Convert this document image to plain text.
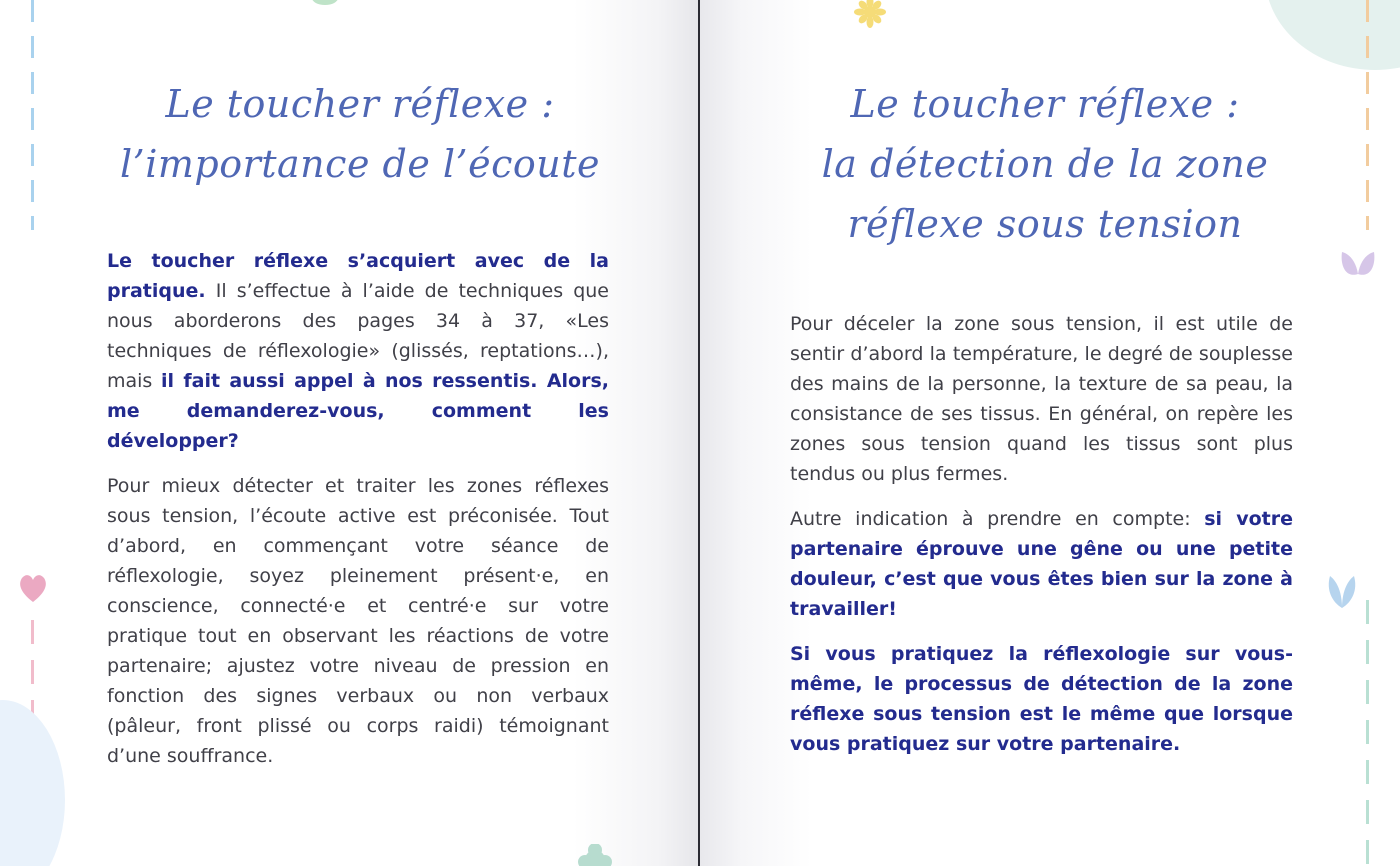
Le toucher réflexe :
l’importance de l’écoute

Le toucher réflexe s’acquiert avec de la pratique. Il s’effectue à l’aide de techniques que nous aborderons des pages 34 à 37, «Les techniques de réflexologie» (glissés, reptations…), mais il fait aussi appel à nos ressentis. Alors, me demanderez-vous, comment les développer?

Pour mieux détecter et traiter les zones réflexes sous tension, l’écoute active est préconisée. Tout d’abord, en commençant votre séance de réflexologie, soyez pleinement présent·e, en conscience, connecté·e et centré·e sur votre pratique tout en observant les réactions de votre partenaire; ajustez votre niveau de pression en fonction des signes verbaux ou non verbaux (pâleur, front plissé ou corps raidi) témoignant d’une souffrance.

Le toucher réflexe :
la détection de la zone
réflexe sous tension

Pour déceler la zone sous tension, il est utile de sentir d’abord la température, le degré de souplesse des mains de la personne, la texture de sa peau, la consistance de ses tissus. En général, on repère les zones sous tension quand les tissus sont plus tendus ou plus fermes.

Autre indication à prendre en compte: si votre partenaire éprouve une gêne ou une petite douleur, c’est que vous êtes bien sur la zone à travailler!

Si vous pratiquez la réflexologie sur vous-même, le processus de détection de la zone réflexe sous tension est le même que lorsque vous pratiquez sur votre partenaire.
